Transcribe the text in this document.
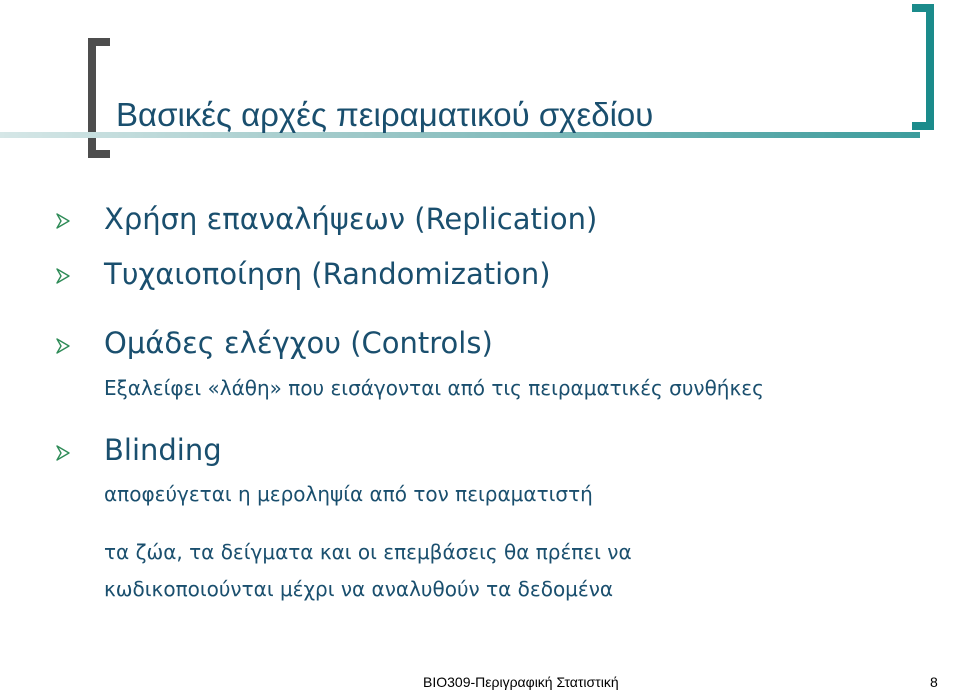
Βασικές αρχές πειραματικού σχεδίου
Χρήση επαναλήψεων (Replication)
Τυχαιοποίηση (Randomization)
Ομάδες ελέγχου (Controls)
Εξαλείφει «λάθη» που εισάγονται από τις πειραματικές συνθήκες
Blinding
αποφεύγεται η μεροληψία από τον πειραματιστή
τα ζώα, τα δείγματα και οι επεμβάσεις θα πρέπει να
κωδικοποιούνται μέχρι να αναλυθούν τα δεδομένα
ΒΙΟ309-Περιγραφική Στατιστική	8
